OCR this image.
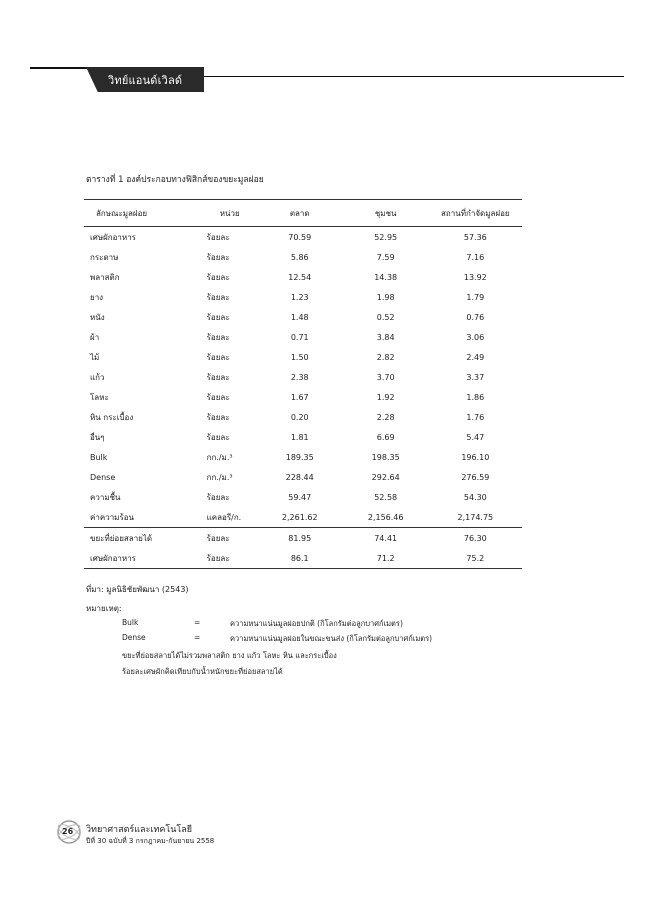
วิทย์แอนด์เวิลด์
ตารางที่ 1 องค์ประกอบทางฟิสิกส์ของขยะมูลฝอย
ลักษณะมูลฝอย	หน่วย	ตลาด	ชุมชน	สถานที่กำจัดมูลฝอย
เศษผักอาหาร	ร้อยละ	70.59	52.95	57.36
กระดาษ	ร้อยละ	5.86	7.59	7.16
พลาสติก	ร้อยละ	12.54	14.38	13.92
ยาง	ร้อยละ	1.23	1.98	1.79
หนัง	ร้อยละ	1.48	0.52	0.76
ผ้า	ร้อยละ	0.71	3.84	3.06
ไม้	ร้อยละ	1.50	2.82	2.49
แก้ว	ร้อยละ	2.38	3.70	3.37
โลหะ	ร้อยละ	1.67	1.92	1.86
หิน กระเบื้อง	ร้อยละ	0.20	2.28	1.76
อื่นๆ	ร้อยละ	1.81	6.69	5.47
Bulk	กก./ม.³	189.35	198.35	196.10
Dense	กก./ม.³	228.44	292.64	276.59
ความชื้น	ร้อยละ	59.47	52.58	54.30
ค่าความร้อน	แคลอรี/ก.	2,261.62	2,156.46	2,174.75
ขยะที่ย่อยสลายได้	ร้อยละ	81.95	74.41	76.30
เศษผักอาหาร	ร้อยละ	86.1	71.2	75.2
ที่มา: มูลนิธิชัยพัฒนา (2543)
หมายเหตุ:
Bulk	=	ความหนาแน่นมูลฝอยปกติ (กิโลกรัมต่อลูกบาศก์เมตร)
Dense	=	ความหนาแน่นมูลฝอยในขณะขนส่ง (กิโลกรัมต่อลูกบาศก์เมตร)
ขยะที่ย่อยสลายได้ไม่รวมพลาสติก ยาง แก้ว โลหะ หิน และกระเบื้อง
ร้อยละเศษผักคิดเทียบกับน้ำหนักขยะที่ย่อยสลายได้
26 วิทยาศาสตร์และเทคโนโลยี
ปีที่ 30 ฉบับที่ 3 กรกฎาคม-กันยายน 2558
